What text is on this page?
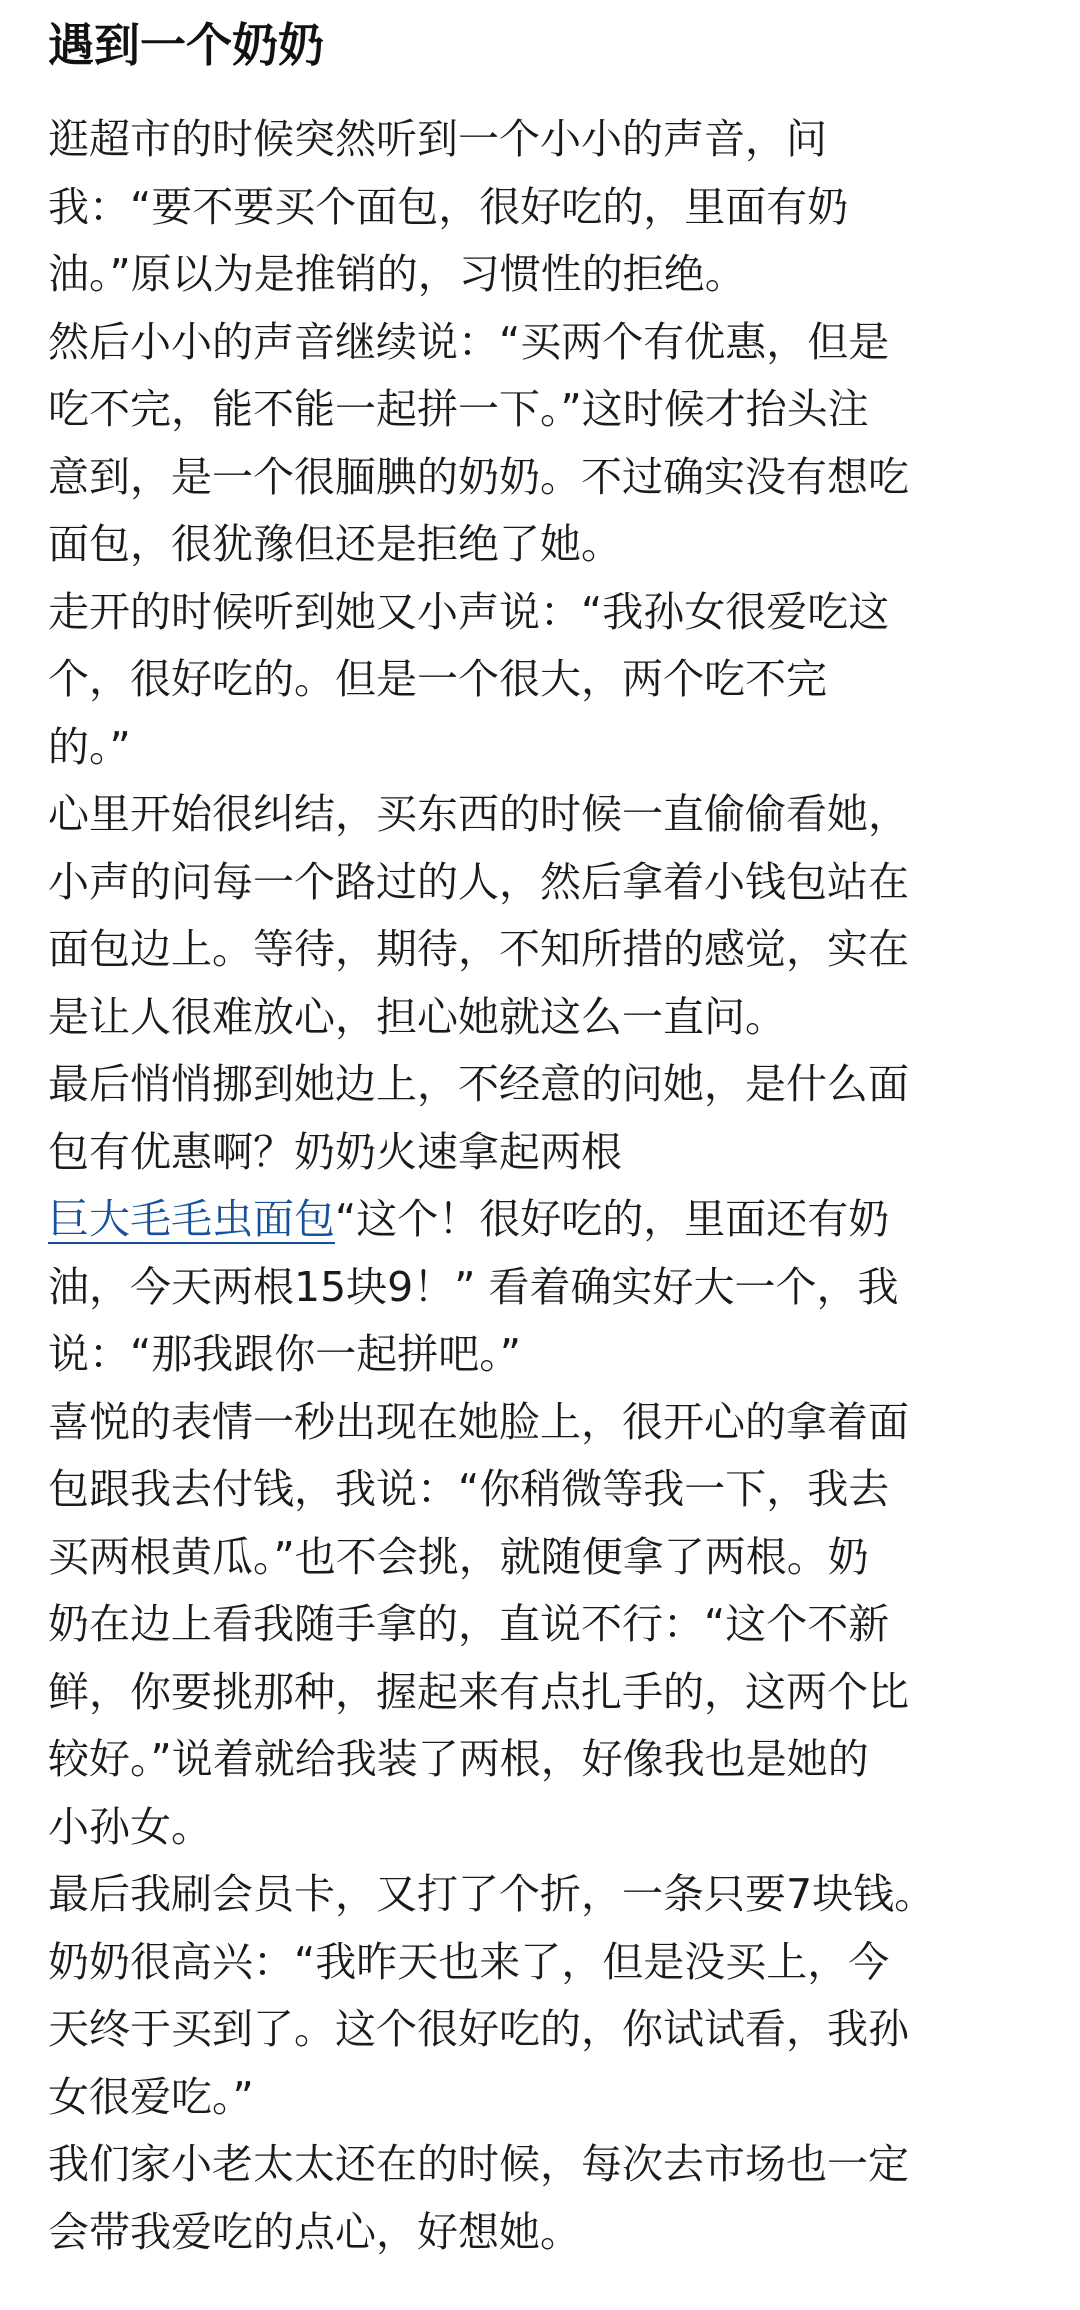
遇到一个奶奶
逛超市的时候突然听到一个小小的声音，问
我：“要不要买个面包，很好吃的，里面有奶
油。”原以为是推销的，习惯性的拒绝。
然后小小的声音继续说：“买两个有优惠，但是
吃不完，能不能一起拼一下。”这时候才抬头注
意到，是一个很腼腆的奶奶。不过确实没有想吃
面包，很犹豫但还是拒绝了她。
走开的时候听到她又小声说：“我孙女很爱吃这
个，很好吃的。但是一个很大，两个吃不完
的。”
心里开始很纠结，买东西的时候一直偷偷看她，
小声的问每一个路过的人，然后拿着小钱包站在
面包边上。等待，期待，不知所措的感觉，实在
是让人很难放心，担心她就这么一直问。
最后悄悄挪到她边上，不经意的问她，是什么面
包有优惠啊？奶奶火速拿起两根
巨大毛毛虫面包“这个！很好吃的，里面还有奶
油，今天两根15块9！” 看着确实好大一个，我
说：“那我跟你一起拼吧。”
喜悦的表情一秒出现在她脸上，很开心的拿着面
包跟我去付钱，我说：“你稍微等我一下，我去
买两根黄瓜。”也不会挑，就随便拿了两根。奶
奶在边上看我随手拿的，直说不行：“这个不新
鲜，你要挑那种，握起来有点扎手的，这两个比
较好。”说着就给我装了两根，好像我也是她的
小孙女。
最后我刷会员卡，又打了个折，一条只要7块钱。
奶奶很高兴：“我昨天也来了，但是没买上，今
天终于买到了。这个很好吃的，你试试看，我孙
女很爱吃。”
我们家小老太太还在的时候，每次去市场也一定
会带我爱吃的点心，好想她。
